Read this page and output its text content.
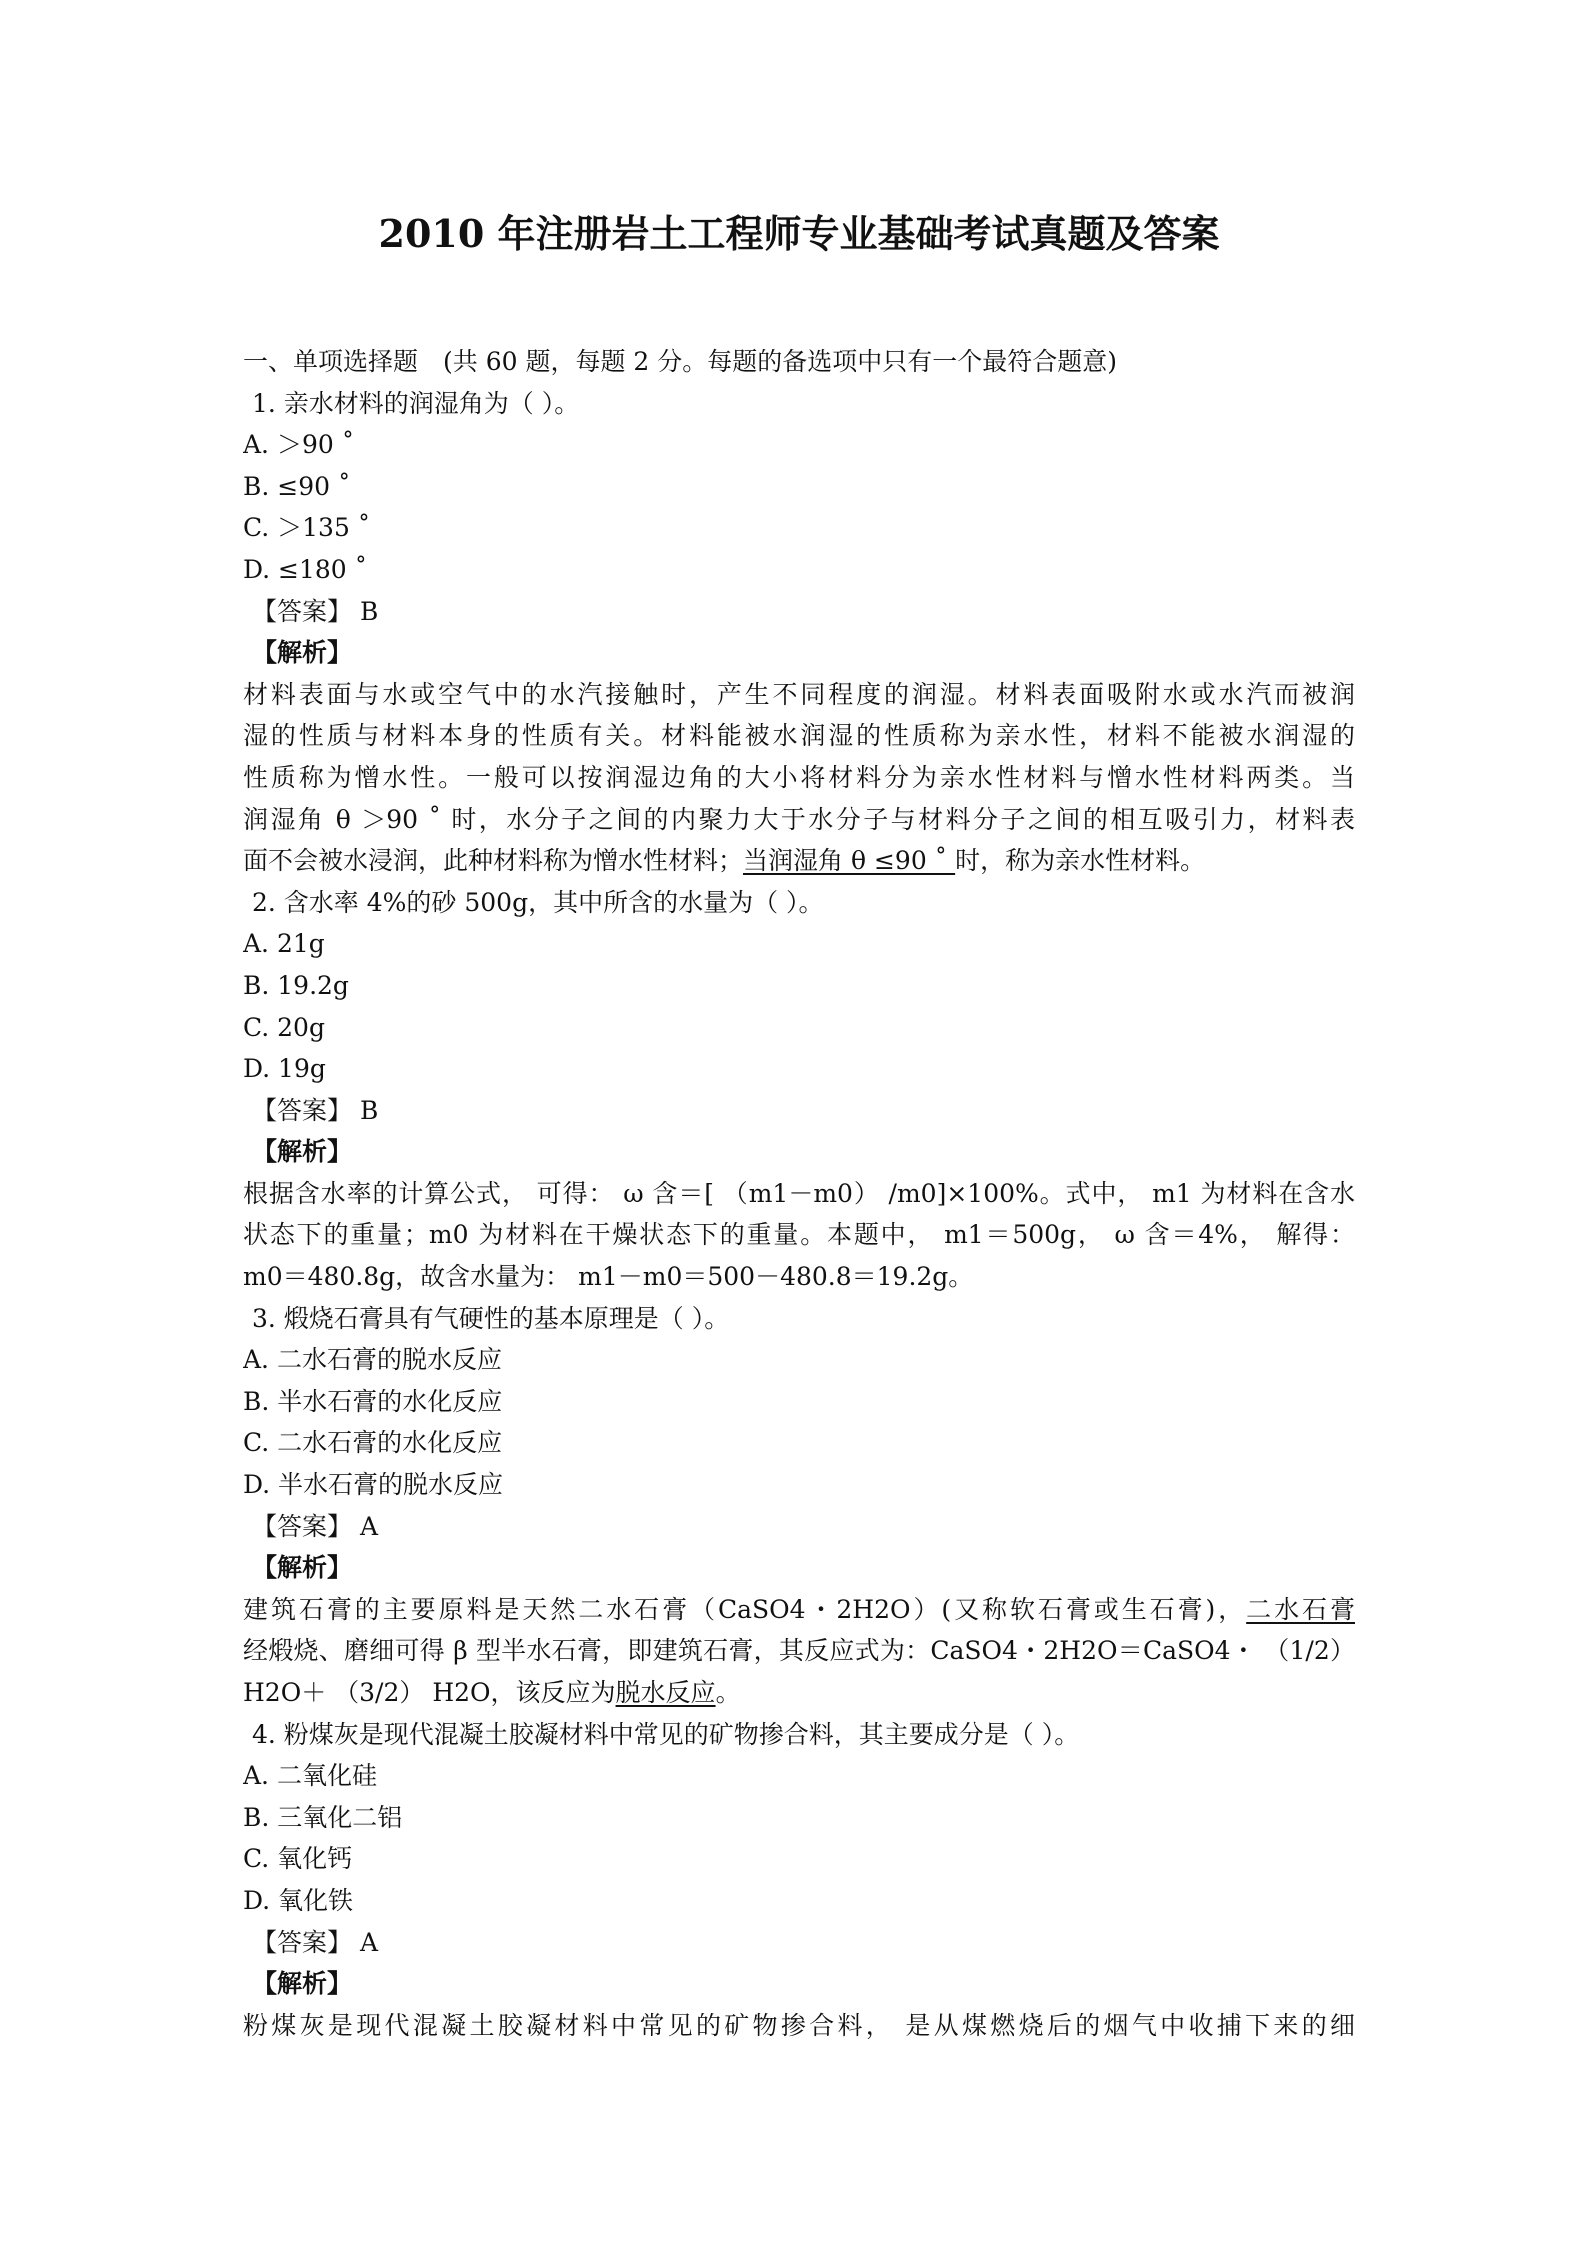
2010 年注册岩土工程师专业基础考试真题及答案
一、单项选择题　(共 60 题，每题 2 分。每题的备选项中只有一个最符合题意)
1. 亲水材料的润湿角为（ ）。
A. ＞90 ˚
B. ≤90 ˚
C. ＞135 ˚
D. ≤180 ˚
【答案】 B
【解析】
材料表面与水或空气中的水汽接触时，产生不同程度的润湿。材料表面吸附水或水汽而被润
湿的性质与材料本身的性质有关。材料能被水润湿的性质称为亲水性，材料不能被水润湿的
性质称为憎水性。一般可以按润湿边角的大小将材料分为亲水性材料与憎水性材料两类。当
润湿角 θ ＞90 ˚ 时，水分子之间的内聚力大于水分子与材料分子之间的相互吸引力，材料表
面不会被水浸润，此种材料称为憎水性材料；当润湿角 θ ≤90 ˚ 时，称为亲水性材料。
2. 含水率 4%的砂 500g，其中所含的水量为（ ）。
A. 21g
B. 19.2g
C. 20g
D. 19g
【答案】 B
【解析】
根据含水率的计算公式， 可得： ω 含＝[ （m1－m0） /m0]×100%。式中， m1 为材料在含水
状态下的重量；m0 为材料在干燥状态下的重量。本题中， m1＝500g， ω 含＝4%， 解得：
m0＝480.8g，故含水量为： m1－m0＝500－480.8＝19.2g。
3. 煅烧石膏具有气硬性的基本原理是（ ）。
A. 二水石膏的脱水反应
B. 半水石膏的水化反应
C. 二水石膏的水化反应
D. 半水石膏的脱水反应
【答案】 A
【解析】
建筑石膏的主要原料是天然二水石膏（CaSO4・2H2O）(又称软石膏或生石膏)，二水石膏
经煅烧、磨细可得 β 型半水石膏，即建筑石膏，其反应式为：CaSO4・2H2O＝CaSO4・ （1/2）
H2O＋ （3/2） H2O，该反应为脱水反应。
4. 粉煤灰是现代混凝土胶凝材料中常见的矿物掺合料，其主要成分是（ ）。
A. 二氧化硅
B. 三氧化二铝
C. 氧化钙
D. 氧化铁
【答案】 A
【解析】
粉煤灰是现代混凝土胶凝材料中常见的矿物掺合料， 是从煤燃烧后的烟气中收捕下来的细
